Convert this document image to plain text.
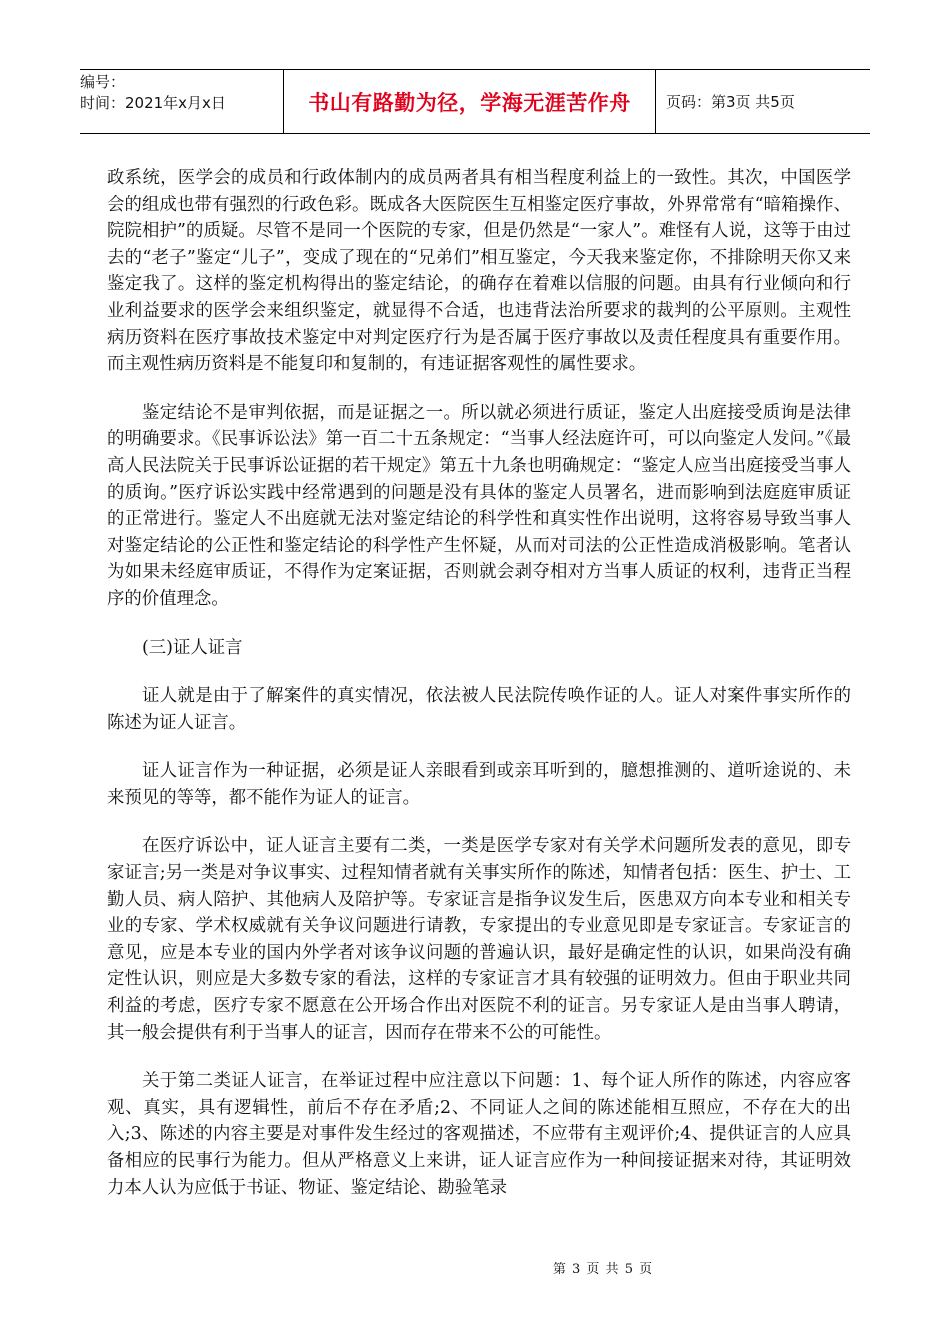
编号：
时间：2021年x月x日	书山有路勤为径，学海无涯苦作舟	页码：第3页 共5页

政系统，医学会的成员和行政体制内的成员两者具有相当程度利益上的一致性。其次，中国医学会的组成也带有强烈的行政色彩。既成各大医院医生互相鉴定医疗事故，外界常常有“暗箱操作、院院相护”的质疑。尽管不是同一个医院的专家，但是仍然是“一家人”。难怪有人说，这等于由过去的“老子”鉴定“儿子”，变成了现在的“兄弟们”相互鉴定，今天我来鉴定你，不排除明天你又来鉴定我了。这样的鉴定机构得出的鉴定结论，的确存在着难以信服的问题。由具有行业倾向和行业利益要求的医学会来组织鉴定，就显得不合适，也违背法治所要求的裁判的公平原则。主观性病历资料在医疗事故技术鉴定中对判定医疗行为是否属于医疗事故以及责任程度具有重要作用。而主观性病历资料是不能复印和复制的，有违证据客观性的属性要求。

鉴定结论不是审判依据，而是证据之一。所以就必须进行质证，鉴定人出庭接受质询是法律的明确要求。《民事诉讼法》第一百二十五条规定：“当事人经法庭许可，可以向鉴定人发问。”《最高人民法院关于民事诉讼证据的若干规定》第五十九条也明确规定：“鉴定人应当出庭接受当事人的质询。”医疗诉讼实践中经常遇到的问题是没有具体的鉴定人员署名，进而影响到法庭庭审质证的正常进行。鉴定人不出庭就无法对鉴定结论的科学性和真实性作出说明，这将容易导致当事人对鉴定结论的公正性和鉴定结论的科学性产生怀疑，从而对司法的公正性造成消极影响。笔者认为如果未经庭审质证，不得作为定案证据，否则就会剥夺相对方当事人质证的权利，违背正当程序的价值理念。

(三)证人证言

证人就是由于了解案件的真实情况，依法被人民法院传唤作证的人。证人对案件事实所作的陈述为证人证言。

证人证言作为一种证据，必须是证人亲眼看到或亲耳听到的，臆想推测的、道听途说的、未来预见的等等，都不能作为证人的证言。

在医疗诉讼中，证人证言主要有二类，一类是医学专家对有关学术问题所发表的意见，即专家证言;另一类是对争议事实、过程知情者就有关事实所作的陈述，知情者包括：医生、护士、工勤人员、病人陪护、其他病人及陪护等。专家证言是指争议发生后，医患双方向本专业和相关专业的专家、学术权威就有关争议问题进行请教，专家提出的专业意见即是专家证言。专家证言的意见，应是本专业的国内外学者对该争议问题的普遍认识，最好是确定性的认识，如果尚没有确定性认识，则应是大多数专家的看法，这样的专家证言才具有较强的证明效力。但由于职业共同利益的考虑，医疗专家不愿意在公开场合作出对医院不利的证言。另专家证人是由当事人聘请，其一般会提供有利于当事人的证言，因而存在带来不公的可能性。

关于第二类证人证言，在举证过程中应注意以下问题：1、每个证人所作的陈述，内容应客观、真实，具有逻辑性，前后不存在矛盾;2、不同证人之间的陈述能相互照应，不存在大的出入;3、陈述的内容主要是对事件发生经过的客观描述，不应带有主观评价;4、提供证言的人应具备相应的民事行为能力。但从严格意义上来讲，证人证言应作为一种间接证据来对待，其证明效力本人认为应低于书证、物证、鉴定结论、勘验笔录

第 3 页 共 5 页
